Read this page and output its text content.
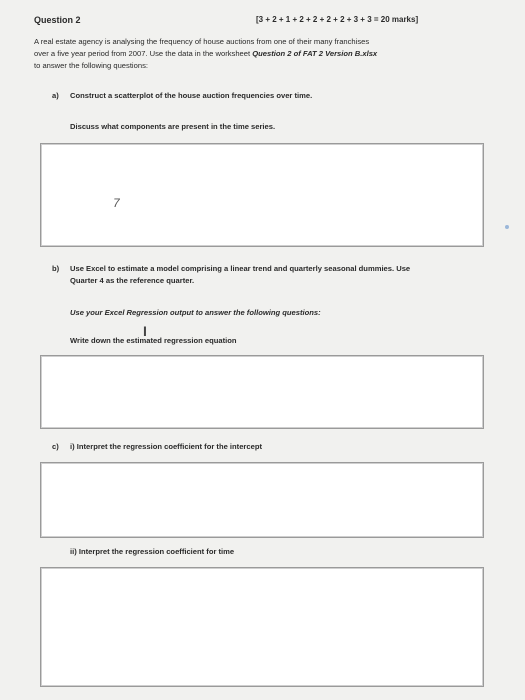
Question 2	[3 + 2 + 1 + 2 + 2 + 2 + 2 + 3 + 3 = 20 marks]
A real estate agency is analysing the frequency of house auctions from one of their many franchises
over a five year period from 2007. Use the data in the worksheet Question 2 of FAT 2 Version B.xlsx
to answer the following questions:
a) Construct a scatterplot of the house auction frequencies over time.
Discuss what components are present in the time series.
7
b) Use Excel to estimate a model comprising a linear trend and quarterly seasonal dummies. Use
Quarter 4 as the reference quarter.
Use your Excel Regression output to answer the following questions:
Write down the estimated regression equation
I
c) i) Interpret the regression coefficient for the intercept
ii) Interpret the regression coefficient for time
